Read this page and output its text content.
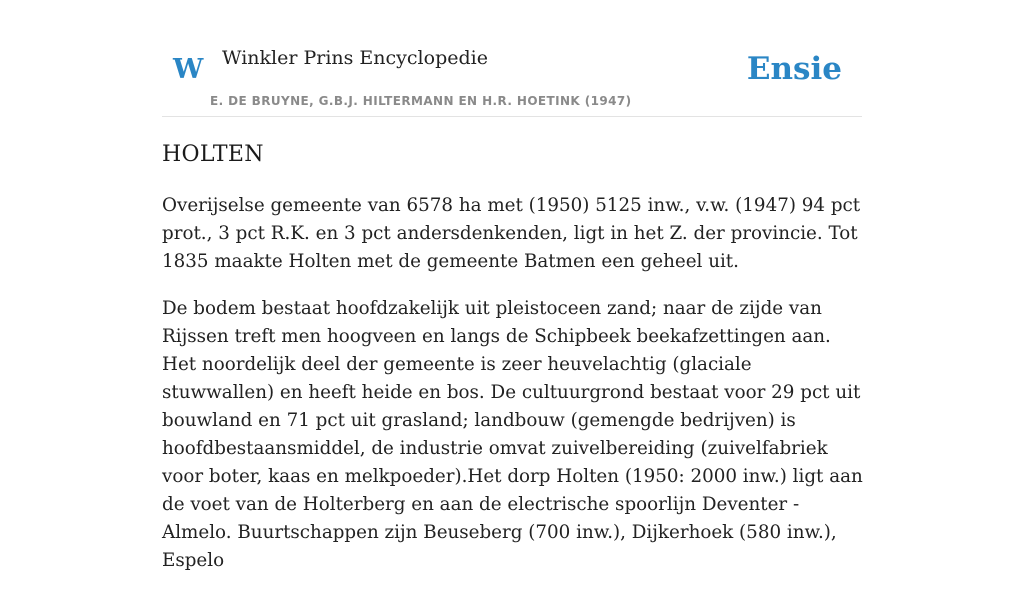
W Winkler Prins Encyclopedie
E. DE BRUYNE, G.B.J. HILTERMANN EN H.R. HOETINK (1947)
Ensie
HOLTEN

Overijselse gemeente van 6578 ha met (1950) 5125 inw., v.w. (1947) 94 pct prot., 3 pct R.K. en 3 pct andersdenkenden, ligt in het Z. der provincie. Tot 1835 maakte Holten met de gemeente Batmen een geheel uit.

De bodem bestaat hoofdzakelijk uit pleistoceen zand; naar de zijde van Rijssen treft men hoogveen en langs de Schipbeek beekafzettingen aan. Het noordelijk deel der gemeente is zeer heuvelachtig (glaciale stuwwallen) en heeft heide en bos. De cultuurgrond bestaat voor 29 pct uit bouwland en 71 pct uit grasland; landbouw (gemengde bedrijven) is hoofdbestaansmiddel, de industrie omvat zuivelbereiding (zuivelfabriek voor boter, kaas en melkpoeder).Het dorp Holten (1950: 2000 inw.) ligt aan de voet van de Holterberg en aan de electrische spoorlijn Deventer - Almelo. Buurtschappen zijn Beuseberg (700 inw.), Dijkerhoek (580 inw.), Espelo
